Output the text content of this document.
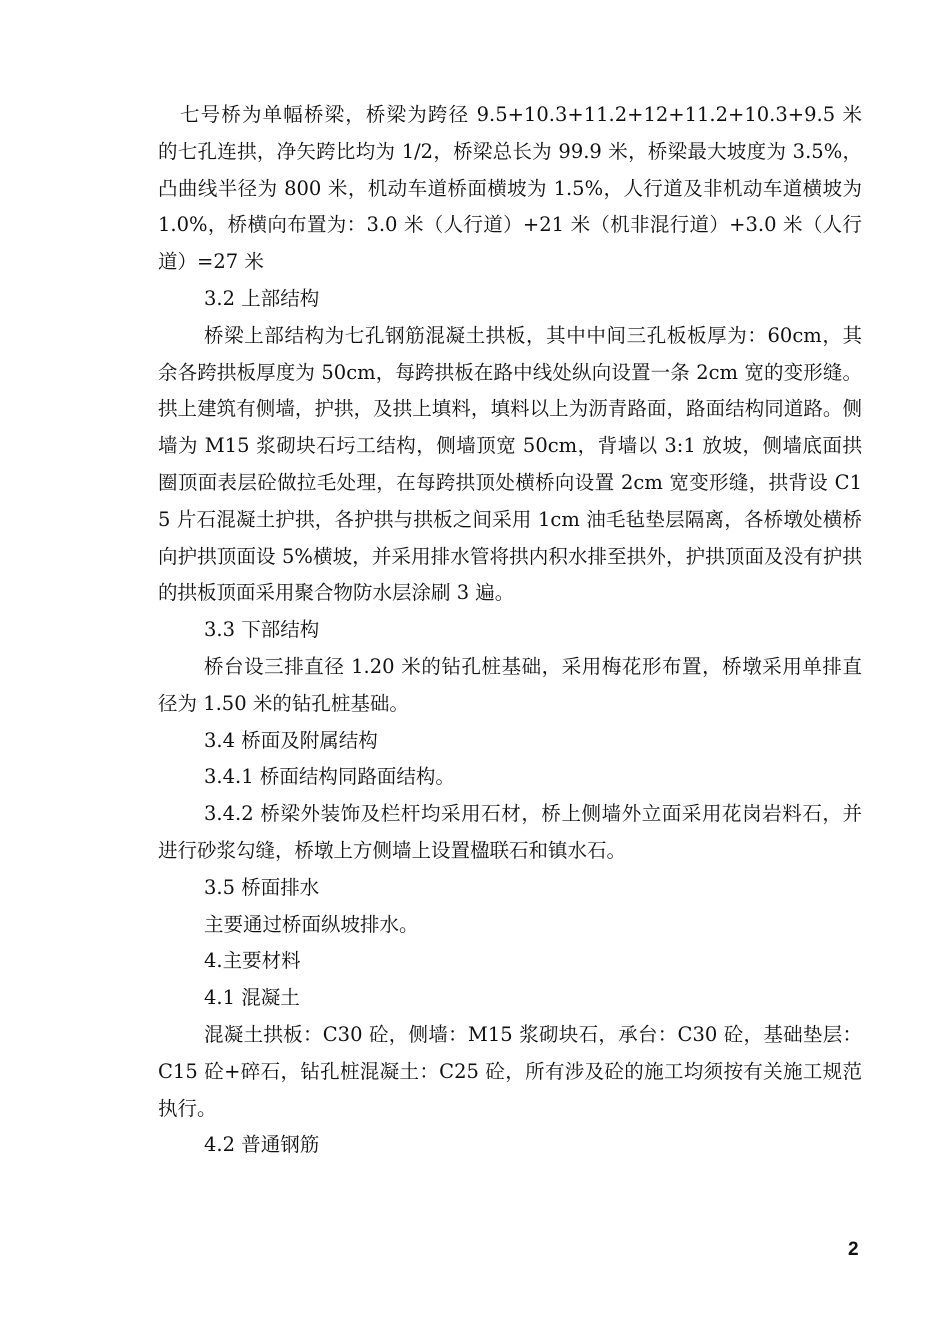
七号桥为单幅桥梁，桥梁为跨径 9.5+10.3+11.2+12+11.2+10.3+9.5 米的七孔连拱，净矢跨比均为 1/2，桥梁总长为 99.9 米，桥梁最大坡度为 3.5%，凸曲线半径为 800 米，机动车道桥面横坡为 1.5%，人行道及非机动车道横坡为 1.0%，桥横向布置为：3.0 米（人行道）+21 米（机非混行道）+3.0 米（人行道）=27 米

3.2 上部结构

桥梁上部结构为七孔钢筋混凝土拱板，其中中间三孔板板厚为：60cm，其余各跨拱板厚度为 50cm，每跨拱板在路中线处纵向设置一条 2cm 宽的变形缝。拱上建筑有侧墙，护拱，及拱上填料，填料以上为沥青路面，路面结构同道路。侧墙为 M15 浆砌块石圬工结构，侧墙顶宽 50cm，背墙以 3:1 放坡，侧墙底面拱圈顶面表层砼做拉毛处理，在每跨拱顶处横桥向设置 2cm 宽变形缝，拱背设 C15 片石混凝土护拱，各护拱与拱板之间采用 1cm 油毛毡垫层隔离，各桥墩处横桥向护拱顶面设 5%横坡，并采用排水管将拱内积水排至拱外，护拱顶面及没有护拱的拱板顶面采用聚合物防水层涂刷 3 遍。

3.3 下部结构

桥台设三排直径 1.20 米的钻孔桩基础，采用梅花形布置，桥墩采用单排直径为 1.50 米的钻孔桩基础。

3.4 桥面及附属结构

3.4.1 桥面结构同路面结构。

3.4.2 桥梁外装饰及栏杆均采用石材，桥上侧墙外立面采用花岗岩料石，并进行砂浆勾缝，桥墩上方侧墙上设置楹联石和镇水石。

3.5 桥面排水

主要通过桥面纵坡排水。

4.主要材料

4.1 混凝土

混凝土拱板：C30 砼，侧墙：M15 浆砌块石，承台：C30 砼，基础垫层：C15 砼+碎石，钻孔桩混凝土：C25 砼，所有涉及砼的施工均须按有关施工规范执行。

4.2 普通钢筋

2
